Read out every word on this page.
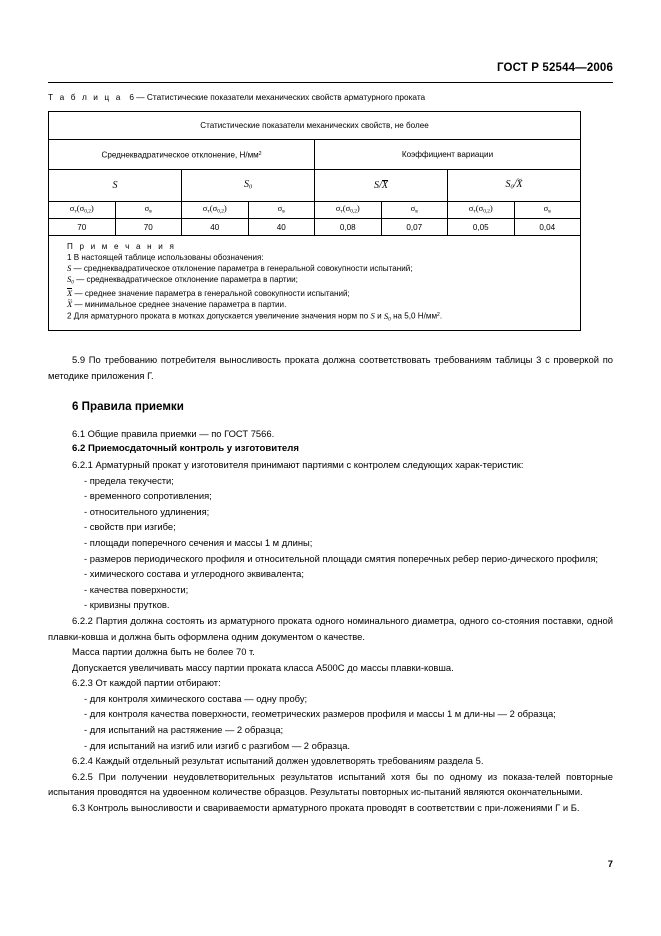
ГОСТ Р 52544—2006
Т а б л и ц а 6 — Статистические показатели механических свойств арматурного проката
Статистические показатели механических свойств, не более							
Среднеквадратическое отклонение, $Н/мм^2$				Коэффициент вариации			
S		$S_0$		S/X		$S_0/\sim$ X
$\sigma_т(\sigma_{0,2})$	$\sigma_в$	$\sigma_т(\sigma_{0,2})$	$\sigma_в$	$\sigma_т(\sigma_{0,2})$	$\sigma_в$	$\sigma_т(\sigma_{0,2})$	$\sigma_в$
70	70	40	40	0,08	0,07	0,05	0,04

П р и м е ч а н и я
1 В настоящей таблице использованы обозначения:
S — среднеквадратическое отклонение параметра в генеральной совокупности испытаний;
$S_0$ — среднеквадратическое отклонение параметра в партии;
X — среднее значение параметра в генеральной совокупности испытаний;
~ X — минимальное среднее значение параметра в партии.
2 Для арматурного проката в мотках допускается увеличение значения норм по S и $S_0$ на 5,0 $Н/мм^2$.

5.9 По требованию потребителя выносливость проката должна соответствовать требованиям таблицы 3 с проверкой по методике приложения Г.

6 Правила приемки

6.1 Общие правила приемки — по ГОСТ 7566.

6.2 Приемосдаточный контроль у изготовителя

6.2.1 Арматурный прокат у изготовителя принимают партиями с контролем следующих харак-теристик:

- предела текучести;

- временного сопротивления;

- относительного удлинения;

- свойств при изгибе;

- площади поперечного сечения и массы 1 м длины;

- размеров периодического профиля и относительной площади смятия поперечных ребер перио-дического профиля;

- химического состава и углеродного эквивалента;

- качества поверхности;

- кривизны прутков.

6.2.2 Партия должна состоять из арматурного проката одного номинального диаметра, одного со-стояния поставки, одной плавки-ковша и должна быть оформлена одним документом о качестве.

Масса партии должна быть не более 70 т.

Допускается увеличивать массу партии проката класса А500С до массы плавки-ковша.

6.2.3 От каждой партии отбирают:

- для контроля химического состава — одну пробу;

- для контроля качества поверхности, геометрических размеров профиля и массы 1 м дли-ны — 2 образца;

- для испытаний на растяжение — 2 образца;

- для испытаний на изгиб или изгиб с разгибом — 2 образца.

6.2.4 Каждый отдельный результат испытаний должен удовлетворять требованиям раздела 5.

6.2.5 При получении неудовлетворительных результатов испытаний хотя бы по одному из показа-телей повторные испытания проводятся на удвоенном количестве образцов. Результаты повторных ис-пытаний являются окончательными.

6.3 Контроль выносливости и свариваемости арматурного проката проводят в соответствии с при-ложениями Г и Б.

7
